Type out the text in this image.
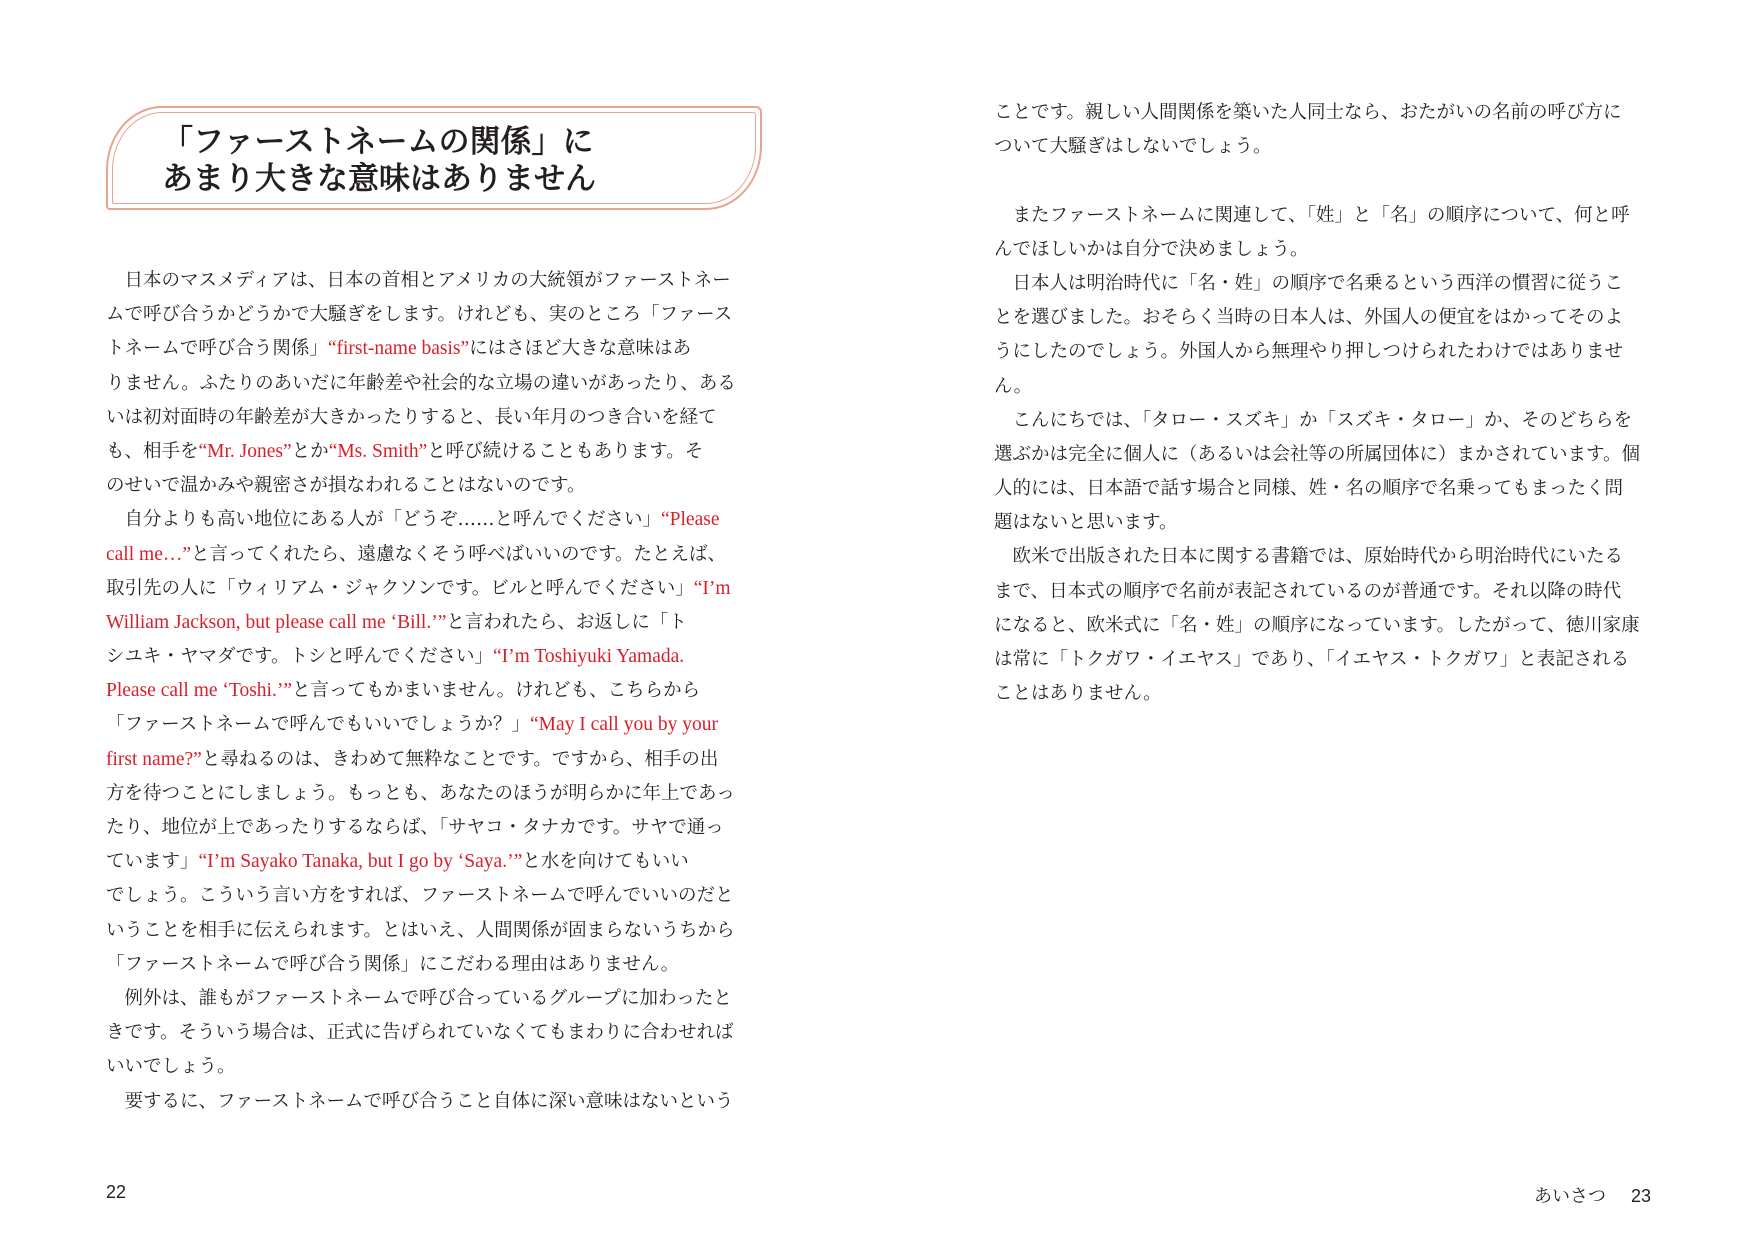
「ファーストネームの関係」に
あまり大きな意味はありません
　日本のマスメディアは、日本の首相とアメリカの大統領がファーストネー
ムで呼び合うかどうかで大騒ぎをします。けれども、実のところ「ファース
トネームで呼び合う関係」“first-name basis”にはさほど大きな意味はあ
りません。ふたりのあいだに年齢差や社会的な立場の違いがあったり、ある
いは初対面時の年齢差が大きかったりすると、長い年月のつき合いを経て
も、相手を“Mr. Jones”とか“Ms. Smith”と呼び続けることもあります。そ
のせいで温かみや親密さが損なわれることはないのです。
　自分よりも高い地位にある人が「どうぞ……と呼んでください」“Please
call me…”と言ってくれたら、遠慮なくそう呼べばいいのです。たとえば、
取引先の人に「ウィリアム・ジャクソンです。ビルと呼んでください」“I’m
William Jackson, but please call me ‘Bill.’”と言われたら、お返しに「ト
シユキ・ヤマダです。トシと呼んでください」“I’m Toshiyuki Yamada.
Please call me ‘Toshi.’”と言ってもかまいません。けれども、こちらから
「ファーストネームで呼んでもいいでしょうか？」“May I call you by your
first name?”と尋ねるのは、きわめて無粋なことです。ですから、相手の出
方を待つことにしましょう。もっとも、あなたのほうが明らかに年上であっ
たり、地位が上であったりするならば、「サヤコ・タナカです。サヤで通っ
ています」“I’m Sayako Tanaka, but I go by ‘Saya.’”と水を向けてもいい
でしょう。こういう言い方をすれば、ファーストネームで呼んでいいのだと
いうことを相手に伝えられます。とはいえ、人間関係が固まらないうちから
「ファーストネームで呼び合う関係」にこだわる理由はありません。
　例外は、誰もがファーストネームで呼び合っているグループに加わったと
きです。そういう場合は、正式に告げられていなくてもまわりに合わせれば
いいでしょう。
　要するに、ファーストネームで呼び合うこと自体に深い意味はないという
22
ことです。親しい人間関係を築いた人同士なら、おたがいの名前の呼び方に
ついて大騒ぎはしないでしょう。
　またファーストネームに関連して、「姓」と「名」の順序について、何と呼
んでほしいかは自分で決めましょう。
　日本人は明治時代に「名・姓」の順序で名乗るという西洋の慣習に従うこ
とを選びました。おそらく当時の日本人は、外国人の便宜をはかってそのよ
うにしたのでしょう。外国人から無理やり押しつけられたわけではありませ
ん。
　こんにちでは、「タロー・スズキ」か「スズキ・タロー」か、そのどちらを
選ぶかは完全に個人に（あるいは会社等の所属団体に）まかされています。個
人的には、日本語で話す場合と同様、姓・名の順序で名乗ってもまったく問
題はないと思います。
　欧米で出版された日本に関する書籍では、原始時代から明治時代にいたる
まで、日本式の順序で名前が表記されているのが普通です。それ以降の時代
になると、欧米式に「名・姓」の順序になっています。したがって、徳川家康
は常に「トクガワ・イエヤス」であり、「イエヤス・トクガワ」と表記される
ことはありません。
あいさつ 23
